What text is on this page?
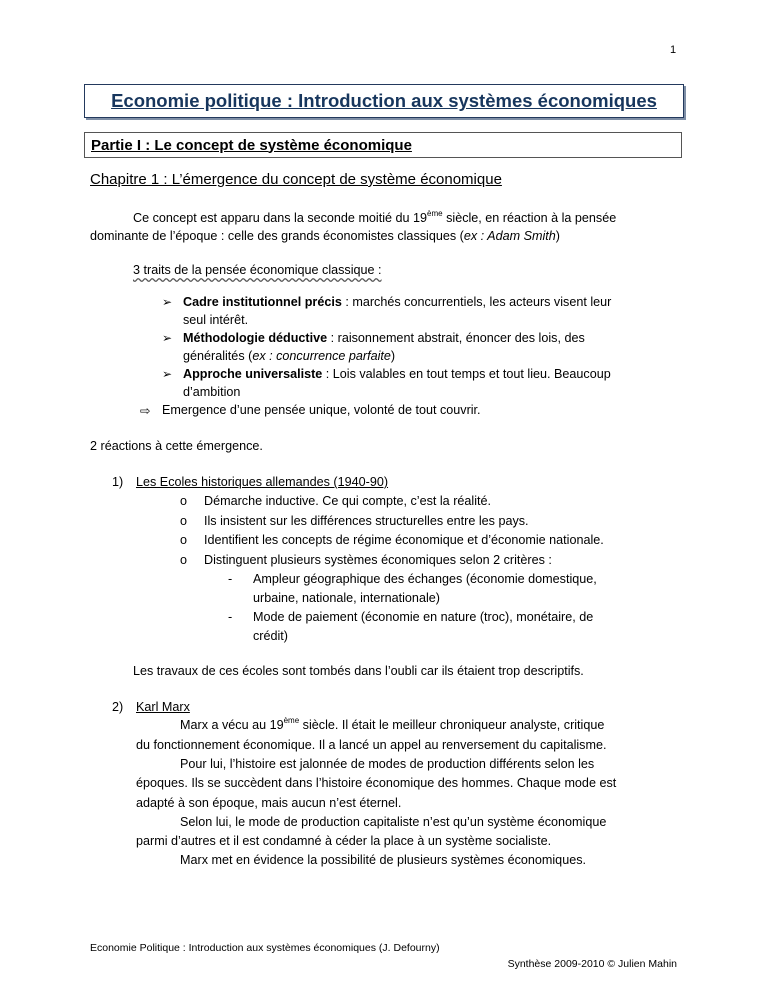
1
Economie politique : Introduction aux systèmes économiques
Partie I : Le concept de système économique
Chapitre 1 : L’émergence du concept de système économique
Ce concept est apparu dans la seconde moitié du 19ème siècle, en réaction à la pensée
dominante de l’époque : celle des grands économistes classiques (ex : Adam Smith)
3 traits de la pensée économique classique :
➢ Cadre institutionnel précis : marchés concurrentiels, les acteurs visent leur
seul intérêt.
➢ Méthodologie déductive : raisonnement abstrait, énoncer des lois, des
généralités (ex : concurrence parfaite)
➢ Approche universaliste : Lois valables en tout temps et tout lieu. Beaucoup
d’ambition
⇨ Emergence d’une pensée unique, volonté de tout couvrir.
2 réactions à cette émergence.
1) Les Ecoles historiques allemandes (1940-90)
o Démarche inductive. Ce qui compte, c’est la réalité.
o Ils insistent sur les différences structurelles entre les pays.
o Identifient les concepts de régime économique et d’économie nationale.
o Distinguent plusieurs systèmes économiques selon 2 critères :
- Ampleur géographique des échanges (économie domestique,
urbaine, nationale, internationale)
- Mode de paiement (économie en nature (troc), monétaire, de
crédit)
Les travaux de ces écoles sont tombés dans l’oubli car ils étaient trop descriptifs.
2) Karl Marx
Marx a vécu au 19ème siècle. Il était le meilleur chroniqueur analyste, critique
du fonctionnement économique. Il a lancé un appel au renversement du capitalisme.
Pour lui, l’histoire est jalonnée de modes de production différents selon les
époques. Ils se succèdent dans l’histoire économique des hommes. Chaque mode est
adapté à son époque, mais aucun n’est éternel.
Selon lui, le mode de production capitaliste n’est qu’un système économique
parmi d’autres et il est condamné à céder la place à un système socialiste.
Marx met en évidence la possibilité de plusieurs systèmes économiques.
Economie Politique : Introduction aux systèmes économiques (J. Defourny)
Synthèse 2009-2010 © Julien Mahin
